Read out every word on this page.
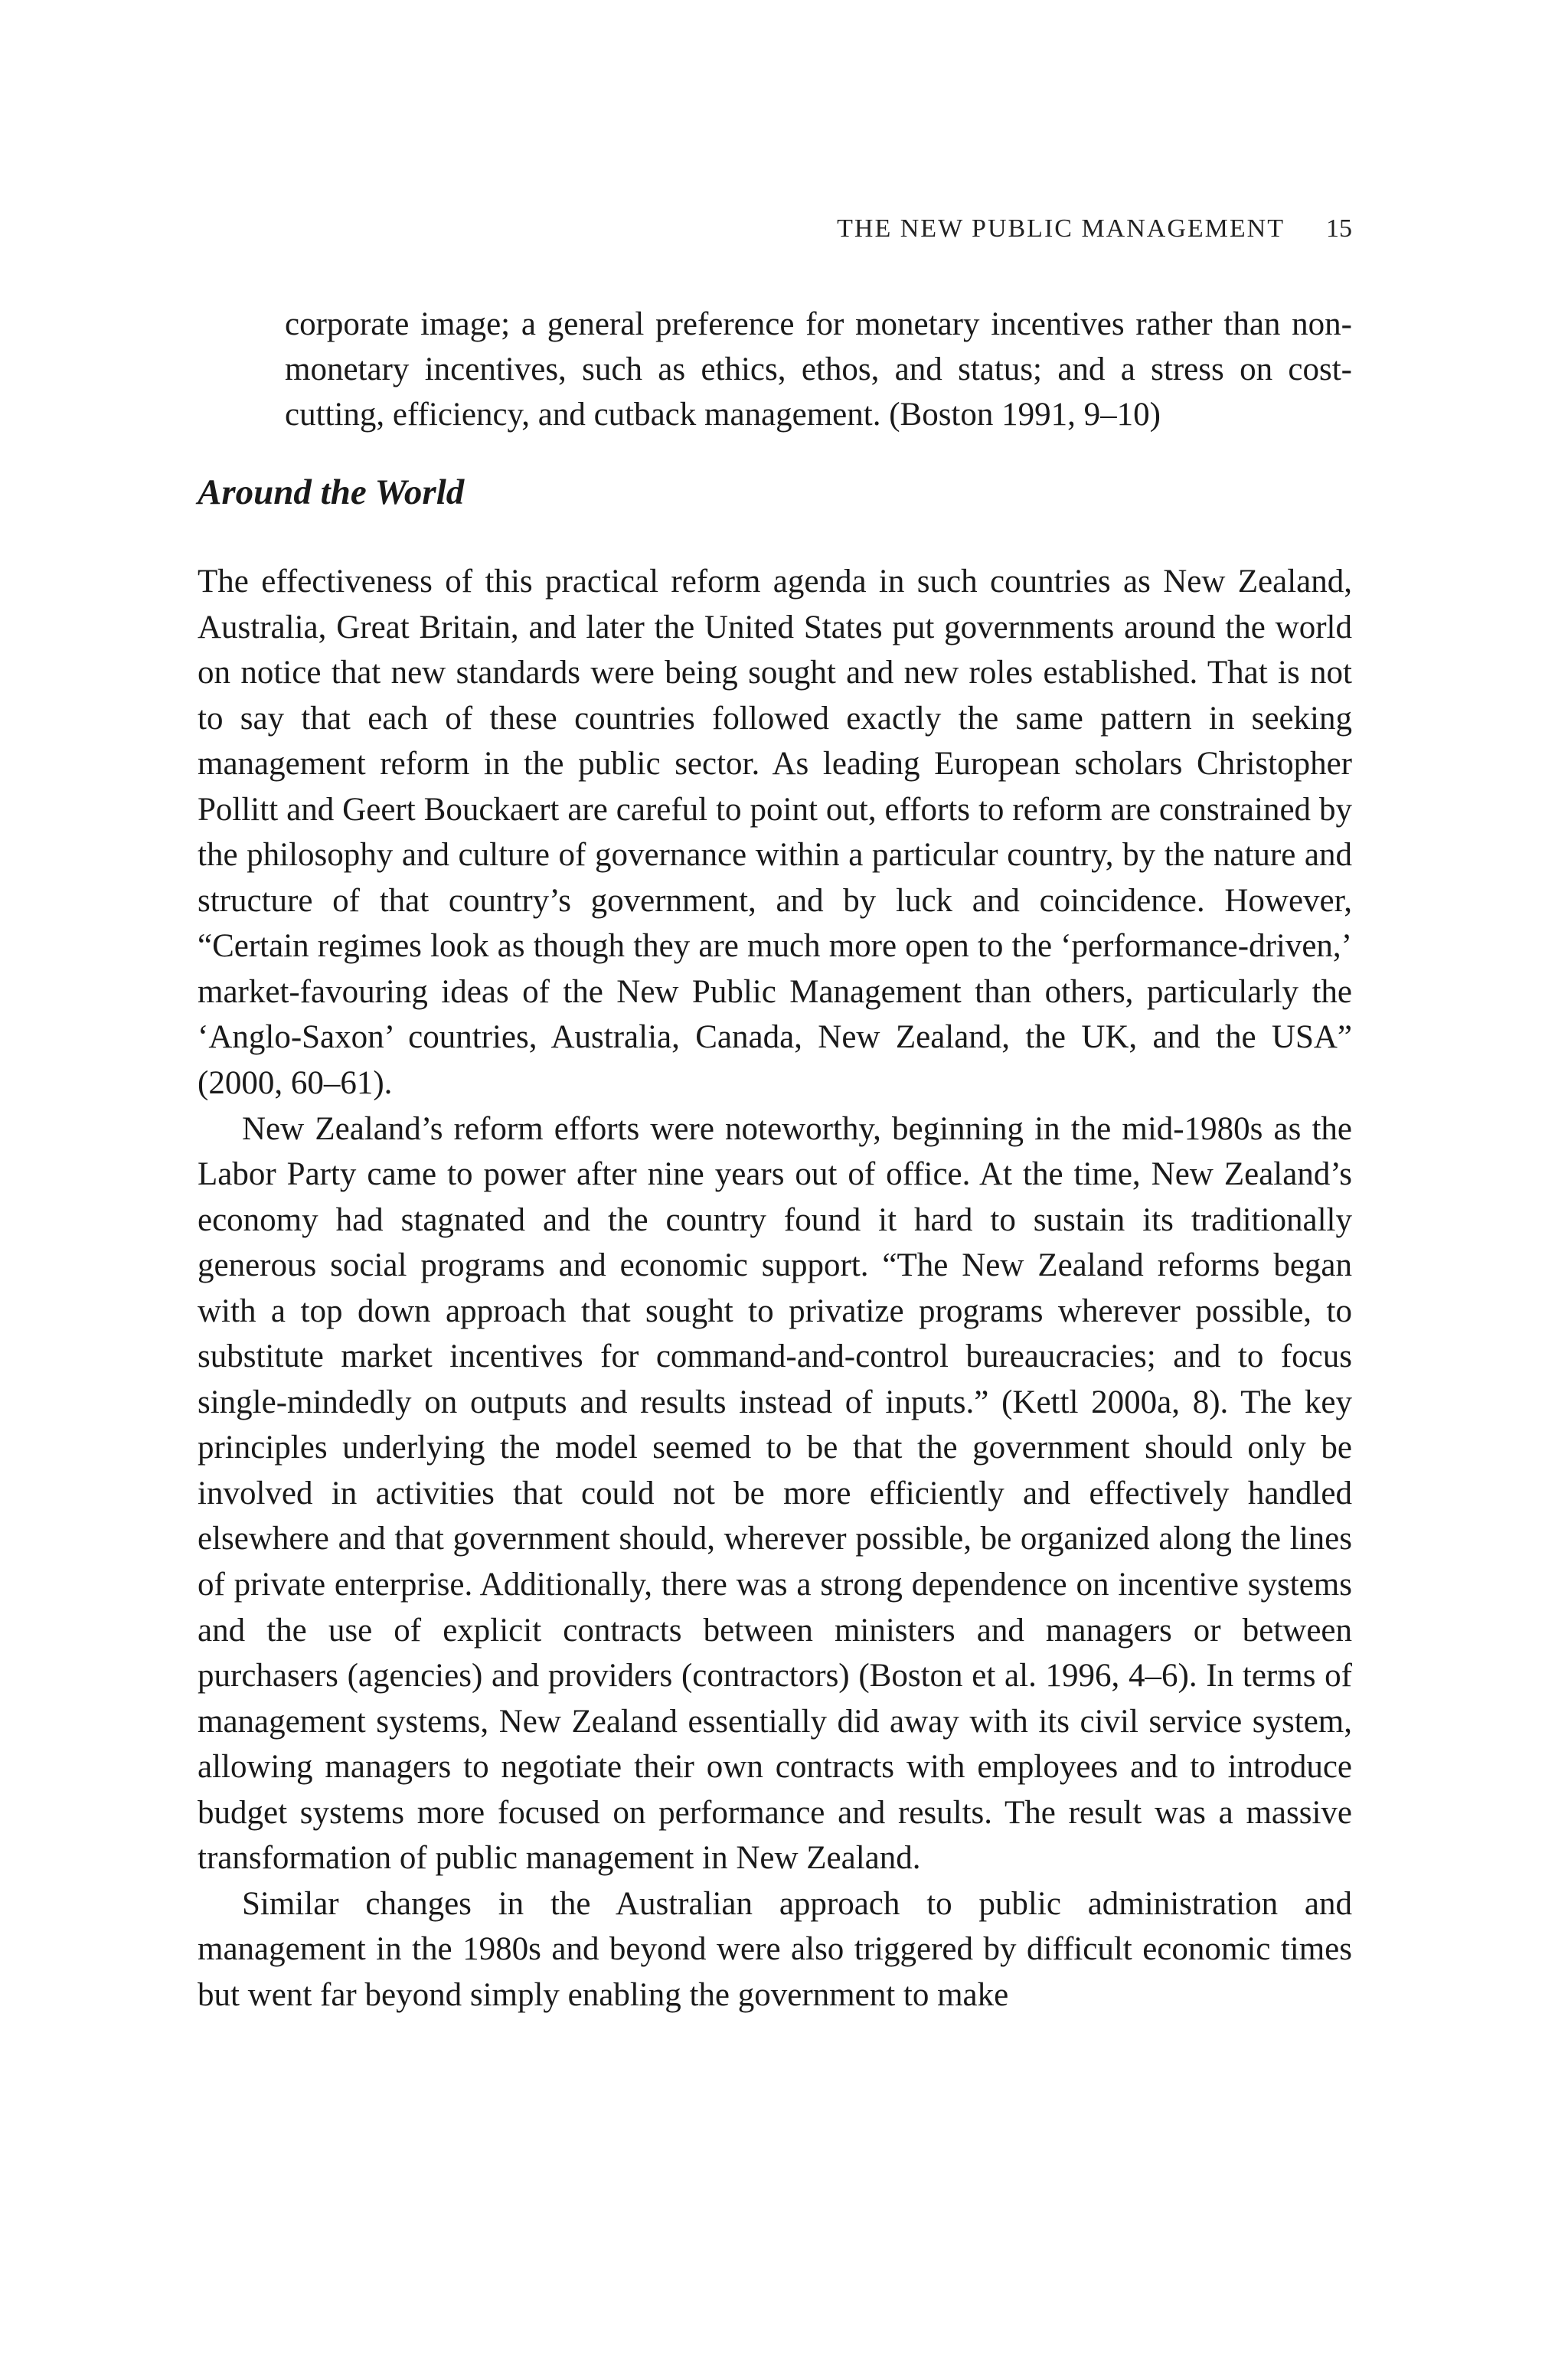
THE NEW PUBLIC MANAGEMENT 15

corporate image; a general preference for monetary incentives rather than non-monetary incentives, such as ethics, ethos, and status; and a stress on cost-cutting, efficiency, and cutback management. (Boston 1991, 9–10)

Around the World

The effectiveness of this practical reform agenda in such countries as New Zealand, Australia, Great Britain, and later the United States put governments around the world on notice that new standards were being sought and new roles established. That is not to say that each of these countries followed exactly the same pattern in seeking management reform in the public sector. As leading European scholars Christopher Pollitt and Geert Bouckaert are careful to point out, efforts to reform are constrained by the philosophy and culture of governance within a particular country, by the nature and structure of that country’s government, and by luck and coincidence. However, “Certain regimes look as though they are much more open to the ‘performance-driven,’ market-favouring ideas of the New Public Management than others, particularly the ‘Anglo-Saxon’ countries, Australia, Canada, New Zealand, the UK, and the USA” (2000, 60–61).

New Zealand’s reform efforts were noteworthy, beginning in the mid-1980s as the Labor Party came to power after nine years out of office. At the time, New Zealand’s economy had stagnated and the country found it hard to sustain its traditionally generous social programs and economic support. “The New Zealand reforms began with a top down approach that sought to privatize programs wherever possible, to substitute market incentives for command-and-control bureaucracies; and to focus single-mindedly on outputs and results instead of inputs.” (Kettl 2000a, 8). The key principles underlying the model seemed to be that the government should only be involved in activities that could not be more efficiently and effectively handled elsewhere and that government should, wherever possible, be organized along the lines of private enterprise. Additionally, there was a strong dependence on incentive systems and the use of explicit contracts between ministers and managers or between purchasers (agencies) and providers (contractors) (Boston et al. 1996, 4–6). In terms of management systems, New Zealand essentially did away with its civil service system, allowing managers to negotiate their own contracts with employees and to introduce budget systems more focused on performance and results. The result was a massive transformation of public management in New Zealand.

Similar changes in the Australian approach to public administration and management in the 1980s and beyond were also triggered by difficult economic times but went far beyond simply enabling the government to make
